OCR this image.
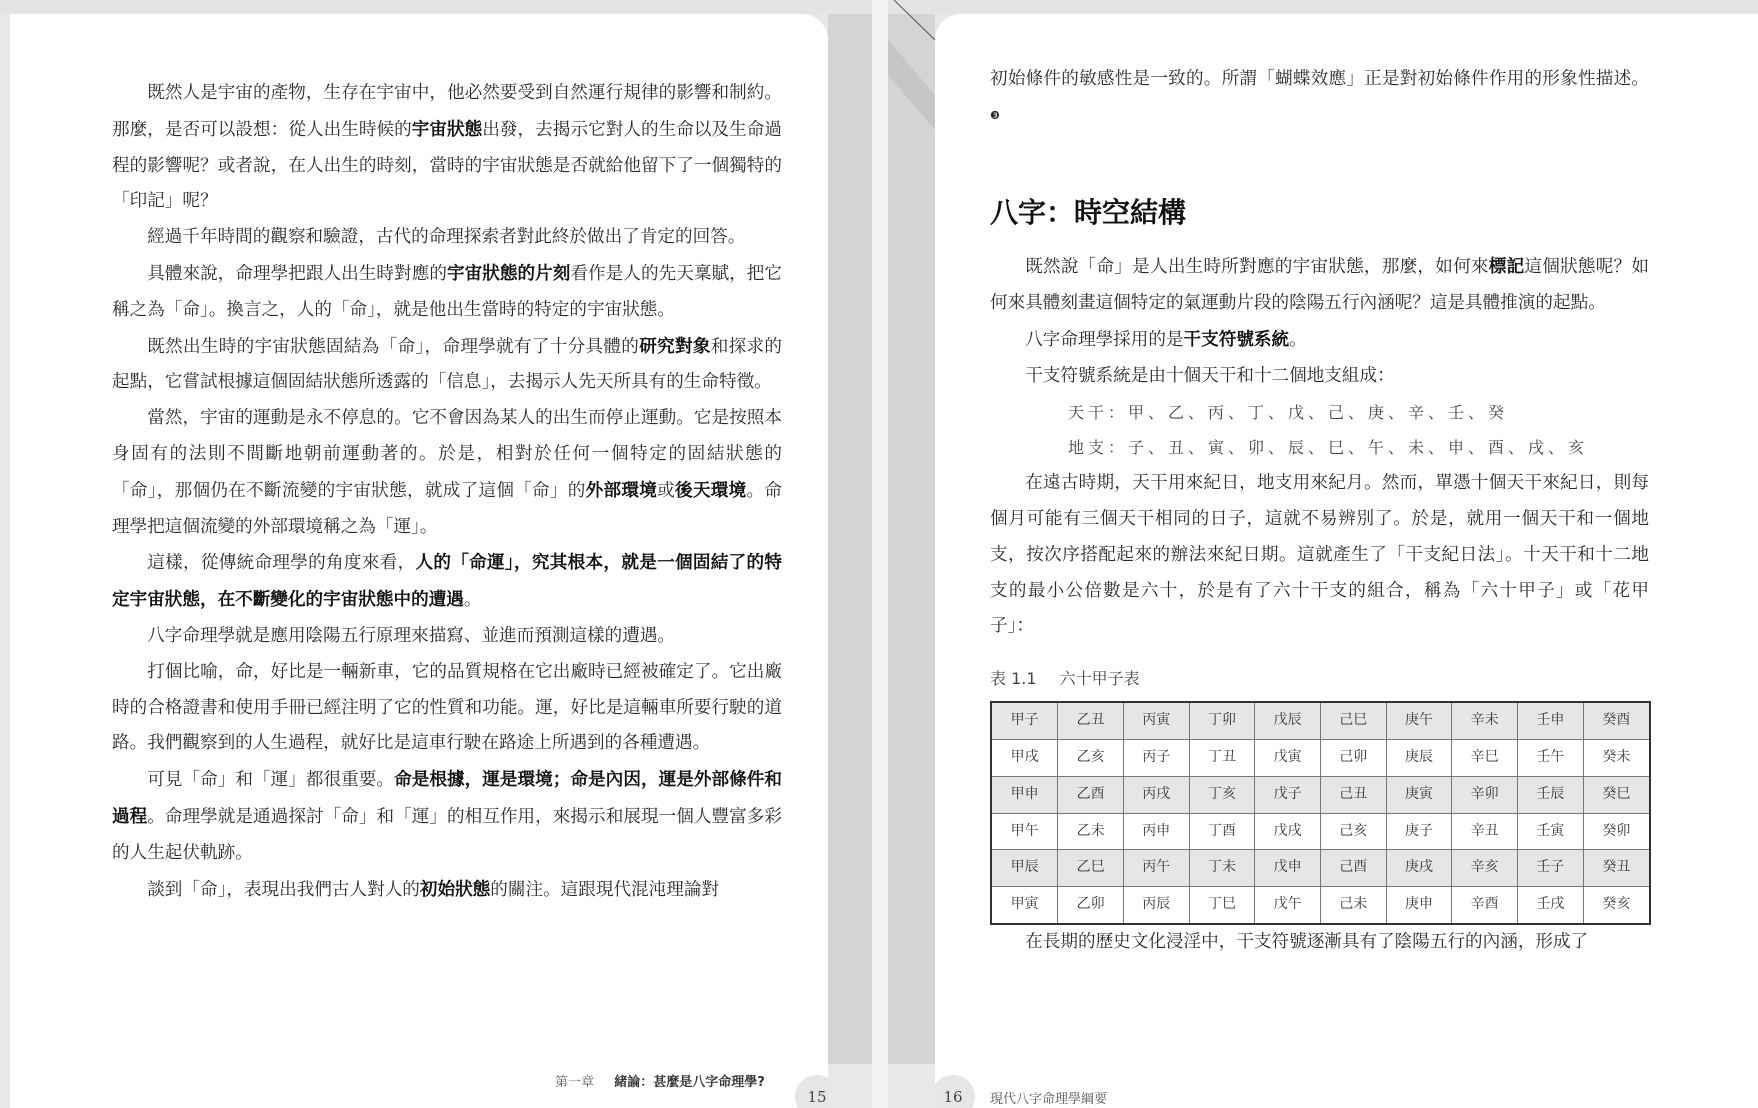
既然人是宇宙的產物，生存在宇宙中，他必然要受到自然運行規律的影響和制約。那麼，是否可以設想：從人出生時候的宇宙狀態出發，去揭示它對人的生命以及生命過程的影響呢？或者說，在人出生的時刻，當時的宇宙狀態是否就給他留下了一個獨特的「印記」呢？

經過千年時間的觀察和驗證，古代的命理探索者對此終於做出了肯定的回答。

具體來說，命理學把跟人出生時對應的宇宙狀態的片刻看作是人的先天稟賦，把它稱之為「命」。換言之，人的「命」，就是他出生當時的特定的宇宙狀態。

既然出生時的宇宙狀態固結為「命」，命理學就有了十分具體的研究對象和探求的起點，它嘗試根據這個固結狀態所透露的「信息」，去揭示人先天所具有的生命特徵。

當然，宇宙的運動是永不停息的。它不會因為某人的出生而停止運動。它是按照本身固有的法則不間斷地朝前運動著的。於是，相對於任何一個特定的固結狀態的「命」，那個仍在不斷流變的宇宙狀態，就成了這個「命」的外部環境或後天環境。命理學把這個流變的外部環境稱之為「運」。

這樣，從傳統命理學的角度來看，人的「命運」，究其根本，就是一個固結了的特定宇宙狀態，在不斷變化的宇宙狀態中的遭遇。

八字命理學就是應用陰陽五行原理來描寫、並進而預測這樣的遭遇。

打個比喻，命，好比是一輛新車，它的品質規格在它出廠時已經被確定了。它出廠時的合格證書和使用手冊已經注明了它的性質和功能。運，好比是這輛車所要行駛的道路。我們觀察到的人生過程，就好比是這車行駛在路途上所遇到的各種遭遇。

可見「命」和「運」都很重要。命是根據，運是環境；命是內因，運是外部條件和過程。命理學就是通過探討「命」和「運」的相互作用，來揭示和展現一個人豐富多彩的人生起伏軌跡。

談到「命」，表現出我們古人對人的初始狀態的關注。這跟現代混沌理論對

第一章 緒論：甚麼是八字命理學?
15

初始條件的敏感性是一致的。所謂「蝴蝶效應」正是對初始條件作用的形象性描述。$^❸$

八字：時空結構

既然說「命」是人出生時所對應的宇宙狀態，那麼，如何來標記這個狀態呢？如何來具體刻畫這個特定的氣運動片段的陰陽五行內涵呢？這是具體推演的起點。

八字命理學採用的是干支符號系統。

干支符號系統是由十個天干和十二個地支組成：

天干：甲、乙、丙、丁、戊、己、庚、辛、壬、癸
地支：子、丑、寅、卯、辰、巳、午、未、申、酉、戌、亥

在遠古時期，天干用來紀日，地支用來紀月。然而，單憑十個天干來紀日，則每個月可能有三個天干相同的日子，這就不易辨別了。於是，就用一個天干和一個地支，按次序搭配起來的辦法來紀日期。這就產生了「干支紀日法」。十天干和十二地支的最小公倍數是六十，於是有了六十干支的組合，稱為「六十甲子」或「花甲子」：

表 1.1 六十甲子表
甲子	乙丑	丙寅	丁卯	戊辰	己巳	庚午	辛未	壬申	癸酉
甲戌	乙亥	丙子	丁丑	戊寅	己卯	庚辰	辛巳	壬午	癸未
甲申	乙酉	丙戌	丁亥	戊子	己丑	庚寅	辛卯	壬辰	癸巳
甲午	乙未	丙申	丁酉	戊戌	己亥	庚子	辛丑	壬寅	癸卯
甲辰	乙巳	丙午	丁未	戊申	己酉	庚戌	辛亥	壬子	癸丑
甲寅	乙卯	丙辰	丁巳	戊午	己未	庚申	辛酉	壬戌	癸亥

在長期的歷史文化浸淫中，干支符號逐漸具有了陰陽五行的內涵，形成了

16	現代八字命理學綱要
